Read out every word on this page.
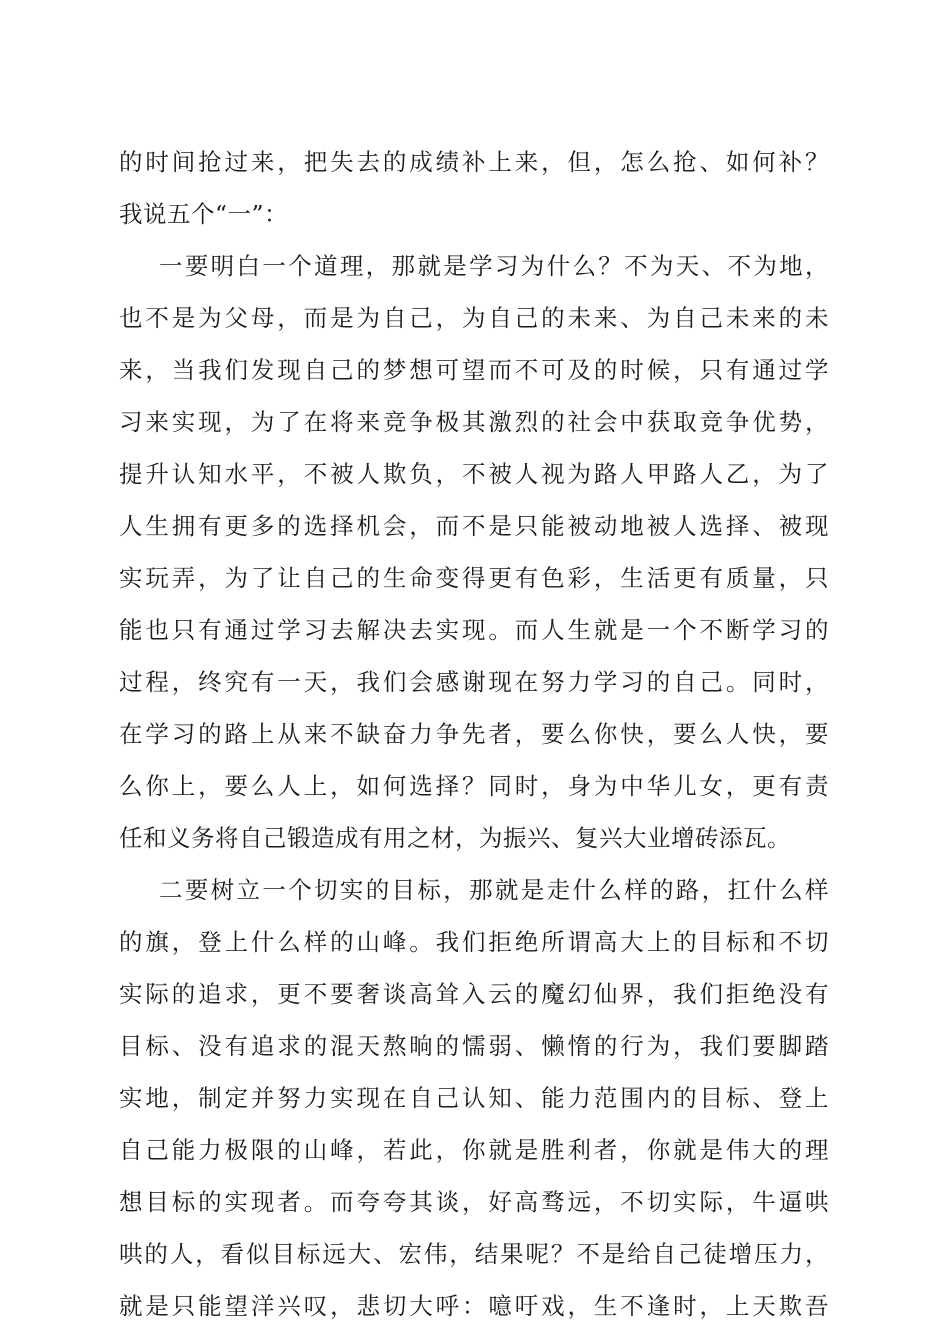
的时间抢过来，把失去的成绩补上来，但，怎么抢、如何补？
我说五个“一”：
一要明白一个道理，那就是学习为什么？不为天、不为地，
也不是为父母，而是为自己，为自己的未来、为自己未来的未
来，当我们发现自己的梦想可望而不可及的时候，只有通过学
习来实现，为了在将来竞争极其激烈的社会中获取竞争优势，
提升认知水平，不被人欺负，不被人视为路人甲路人乙，为了
人生拥有更多的选择机会，而不是只能被动地被人选择、被现
实玩弄，为了让自己的生命变得更有色彩，生活更有质量，只
能也只有通过学习去解决去实现。而人生就是一个不断学习的
过程，终究有一天，我们会感谢现在努力学习的自己。同时，
在学习的路上从来不缺奋力争先者，要么你快，要么人快，要
么你上，要么人上，如何选择？同时，身为中华儿女，更有责
任和义务将自己锻造成有用之材，为振兴、复兴大业增砖添瓦。
二要树立一个切实的目标，那就是走什么样的路，扛什么样
的旗，登上什么样的山峰。我们拒绝所谓高大上的目标和不切
实际的追求，更不要奢谈高耸入云的魔幻仙界，我们拒绝没有
目标、没有追求的混天熬晌的懦弱、懒惰的行为，我们要脚踏
实地，制定并努力实现在自己认知、能力范围内的目标、登上
自己能力极限的山峰，若此，你就是胜利者，你就是伟大的理
想目标的实现者。而夸夸其谈，好高骛远，不切实际，牛逼哄
哄的人，看似目标远大、宏伟，结果呢？不是给自己徒增压力，
就是只能望洋兴叹，悲切大呼：噫吁戏，生不逢时，上天欺吾
